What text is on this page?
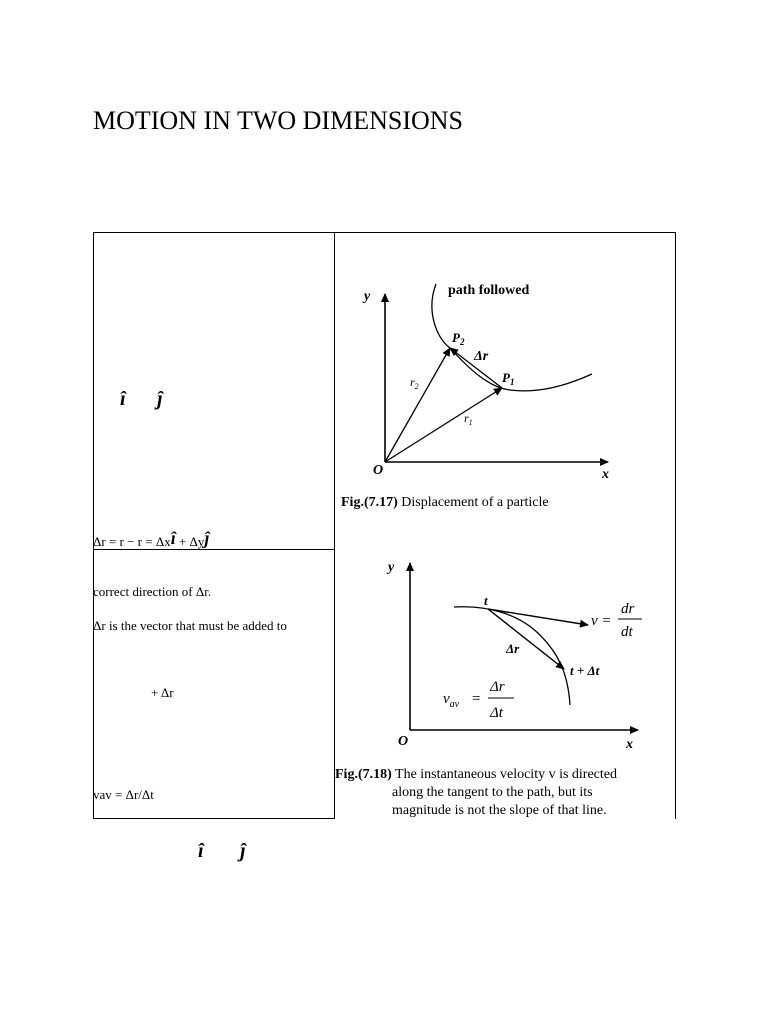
MOTION IN TWO DIMENSIONS
î ĵ
Δr = r − r = Δxî + Δyĵ
correct direction of Δr.
Δr is the vector that must be added to
+ Δr
vav = Δr/Δt
y
x
O
path followed
$P_2$
$P_1$
Δr
$r_2$
$r_1$
Fig.(7.17) Displacement of a particle
y
x
O
t
v =
dr
dt
Δr
t + Δt
$v_{av}$ =
Δr
Δt
Fig.(7.18) The instantaneous velocity v is directed
along the tangent to the path, but its
magnitude is not the slope of that line.
î ĵ
